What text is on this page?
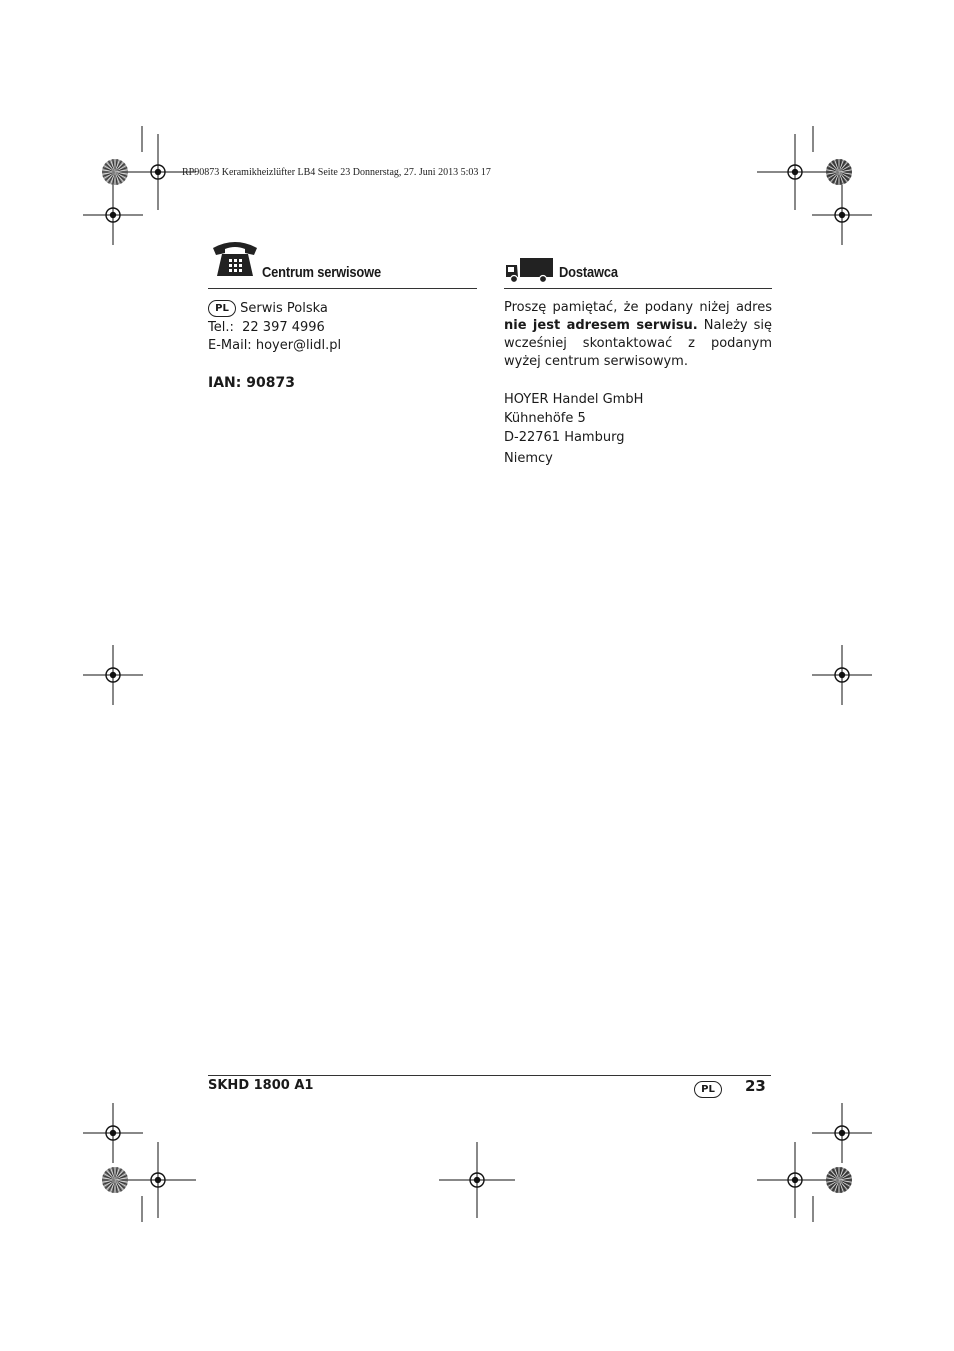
RP90873 Keramikheizlüfter LB4 Seite 23 Donnerstag, 27. Juni 2013 5:03 17
Centrum serwisowe
PL Serwis Polska
Tel.: 22 397 4996
E-Mail: hoyer@lidl.pl
IAN: 90873
Dostawca
Proszę pamiętać, że podany niżej adres nie jest adresem serwisu. Należy się wcześniej skontaktować z podanym wyżej centrum serwisowym.
HOYER Handel GmbH
Kühnehöfe 5
D-22761 Hamburg
Niemcy
SKHD 1800 A1	PL	23
